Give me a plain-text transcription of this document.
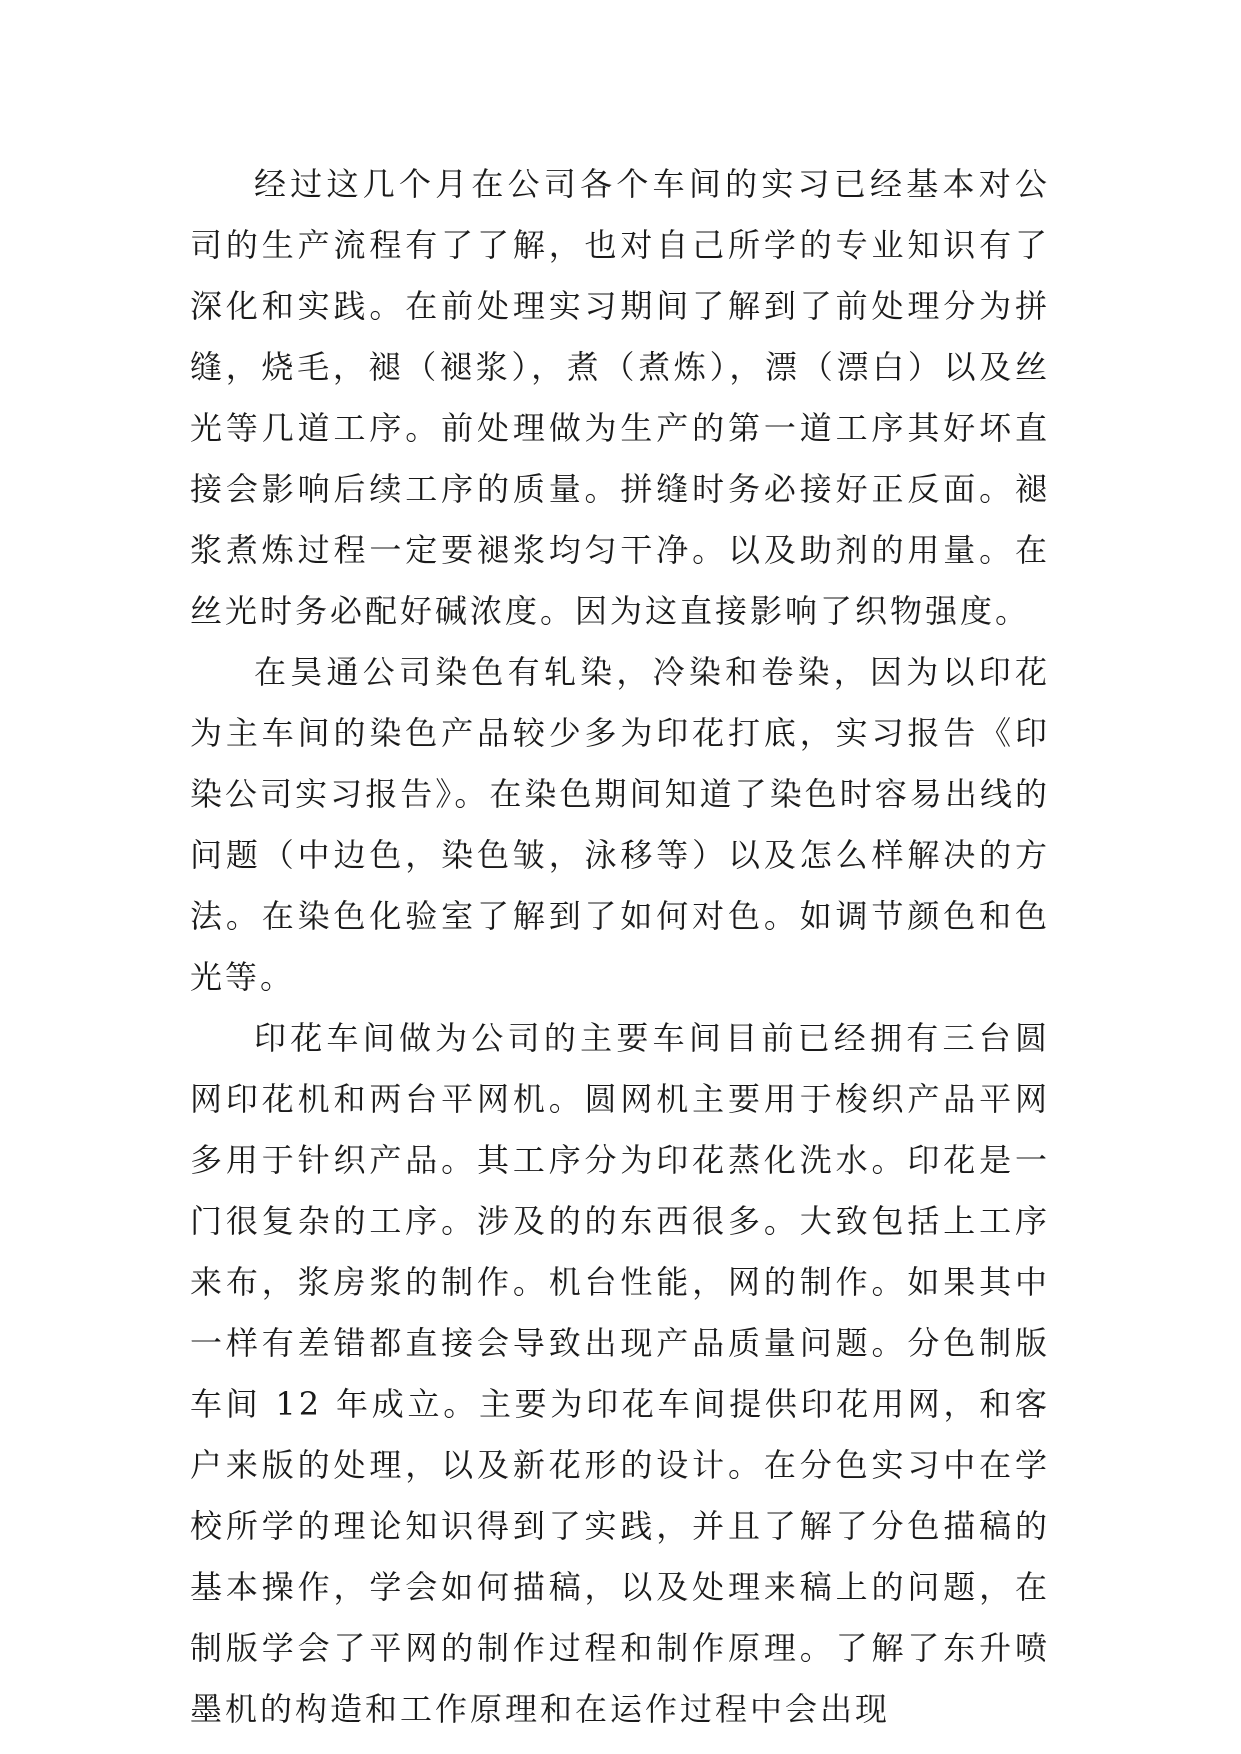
经过这几个月在公司各个车间的实习已经基本对公司的生产流程有了了解，也对自己所学的专业知识有了深化和实践。在前处理实习期间了解到了前处理分为拼缝，烧毛，褪（褪浆），煮（煮炼），漂（漂白）以及丝光等几道工序。前处理做为生产的第一道工序其好坏直接会影响后续工序的质量。拼缝时务必接好正反面。褪浆煮炼过程一定要褪浆均匀干净。以及助剂的用量。在丝光时务必配好碱浓度。因为这直接影响了织物强度。

在昊通公司染色有轧染，冷染和卷染，因为以印花为主车间的染色产品较少多为印花打底，实习报告《印染公司实习报告》。在染色期间知道了染色时容易出线的问题（中边色，染色皱，泳移等）以及怎么样解决的方法。在染色化验室了解到了如何对色。如调节颜色和色光等。

印花车间做为公司的主要车间目前已经拥有三台圆网印花机和两台平网机。圆网机主要用于梭织产品平网多用于针织产品。其工序分为印花蒸化洗水。印花是一门很复杂的工序。涉及的的东西很多。大致包括上工序来布，浆房浆的制作。机台性能，网的制作。如果其中一样有差错都直接会导致出现产品质量问题。分色制版车间 12 年成立。主要为印花车间提供印花用网，和客户来版的处理，以及新花形的设计。在分色实习中在学校所学的理论知识得到了实践，并且了解了分色描稿的基本操作，学会如何描稿，以及处理来稿上的问题，在制版学会了平网的制作过程和制作原理。了解了东升喷墨机的构造和工作原理和在运作过程中会出现
